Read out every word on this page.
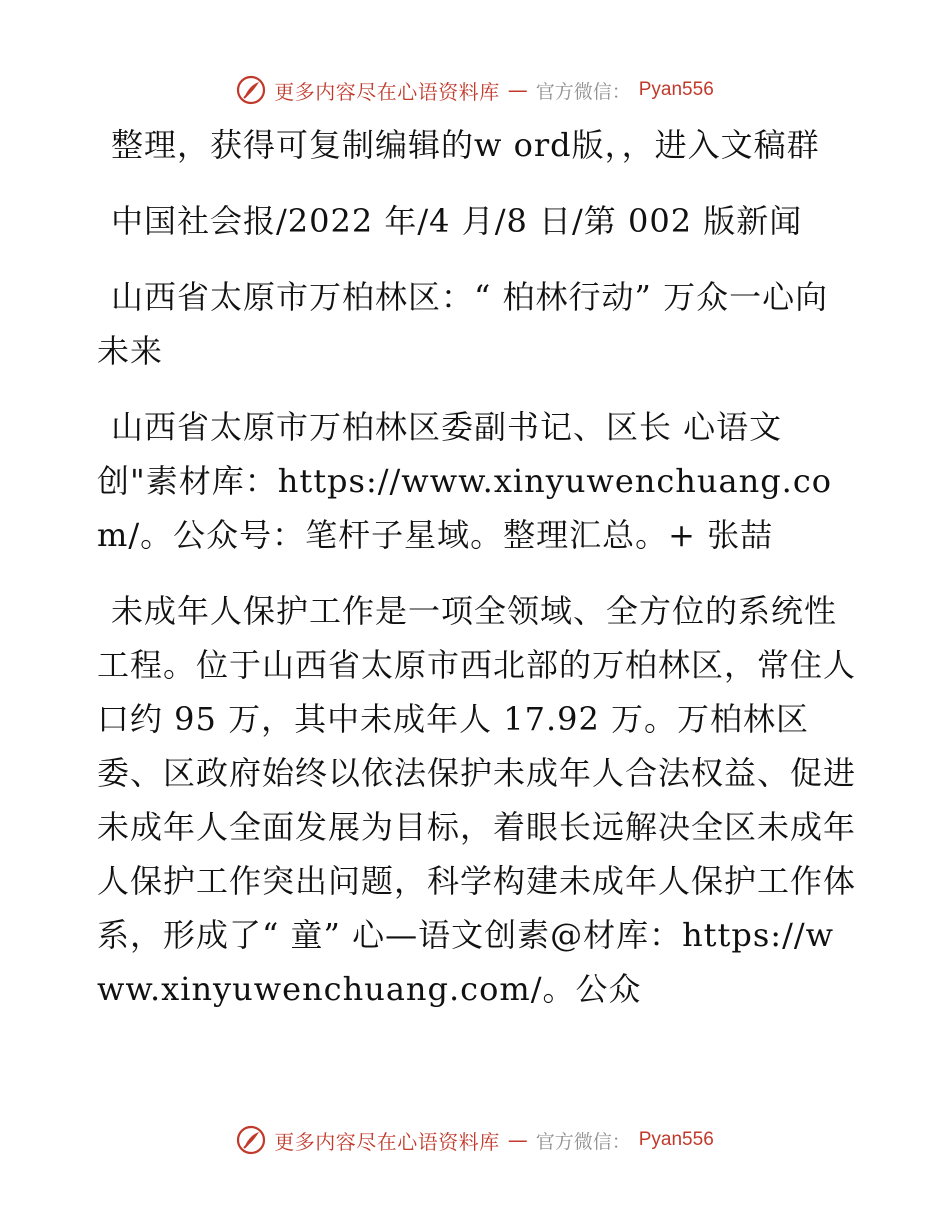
更多内容尽在心语资料库 — 官方微信： Pyan556

整理，获得可复制编辑的w ord版，，进入文稿群

中国社会报/2022 年/4 月/8 日/第 002 版新闻

山西省太原市万柏林区：“ 柏林行动” 万众一心向未来

山西省太原市万柏林区委副书记、区长 心语文创"素材库：https://www.xinyuwenchuang.com/。公众号：笔杆子星域。整理汇总。+ 张喆

未成年人保护工作是一项全领域、全方位的系统性工程。位于山西省太原市西北部的万柏林区，常住人口约 95 万，其中未成年人 17.92 万。万柏林区委、区政府始终以依法保护未成年人合法权益、促进未成年人全面发展为目标，着眼长远解决全区未成年人保护工作突出问题，科学构建未成年人保护工作体系，形成了“ 童” 心—语文创素@材库：https://www.xinyuwenchuang.com/。公众

更多内容尽在心语资料库 — 官方微信： Pyan556
